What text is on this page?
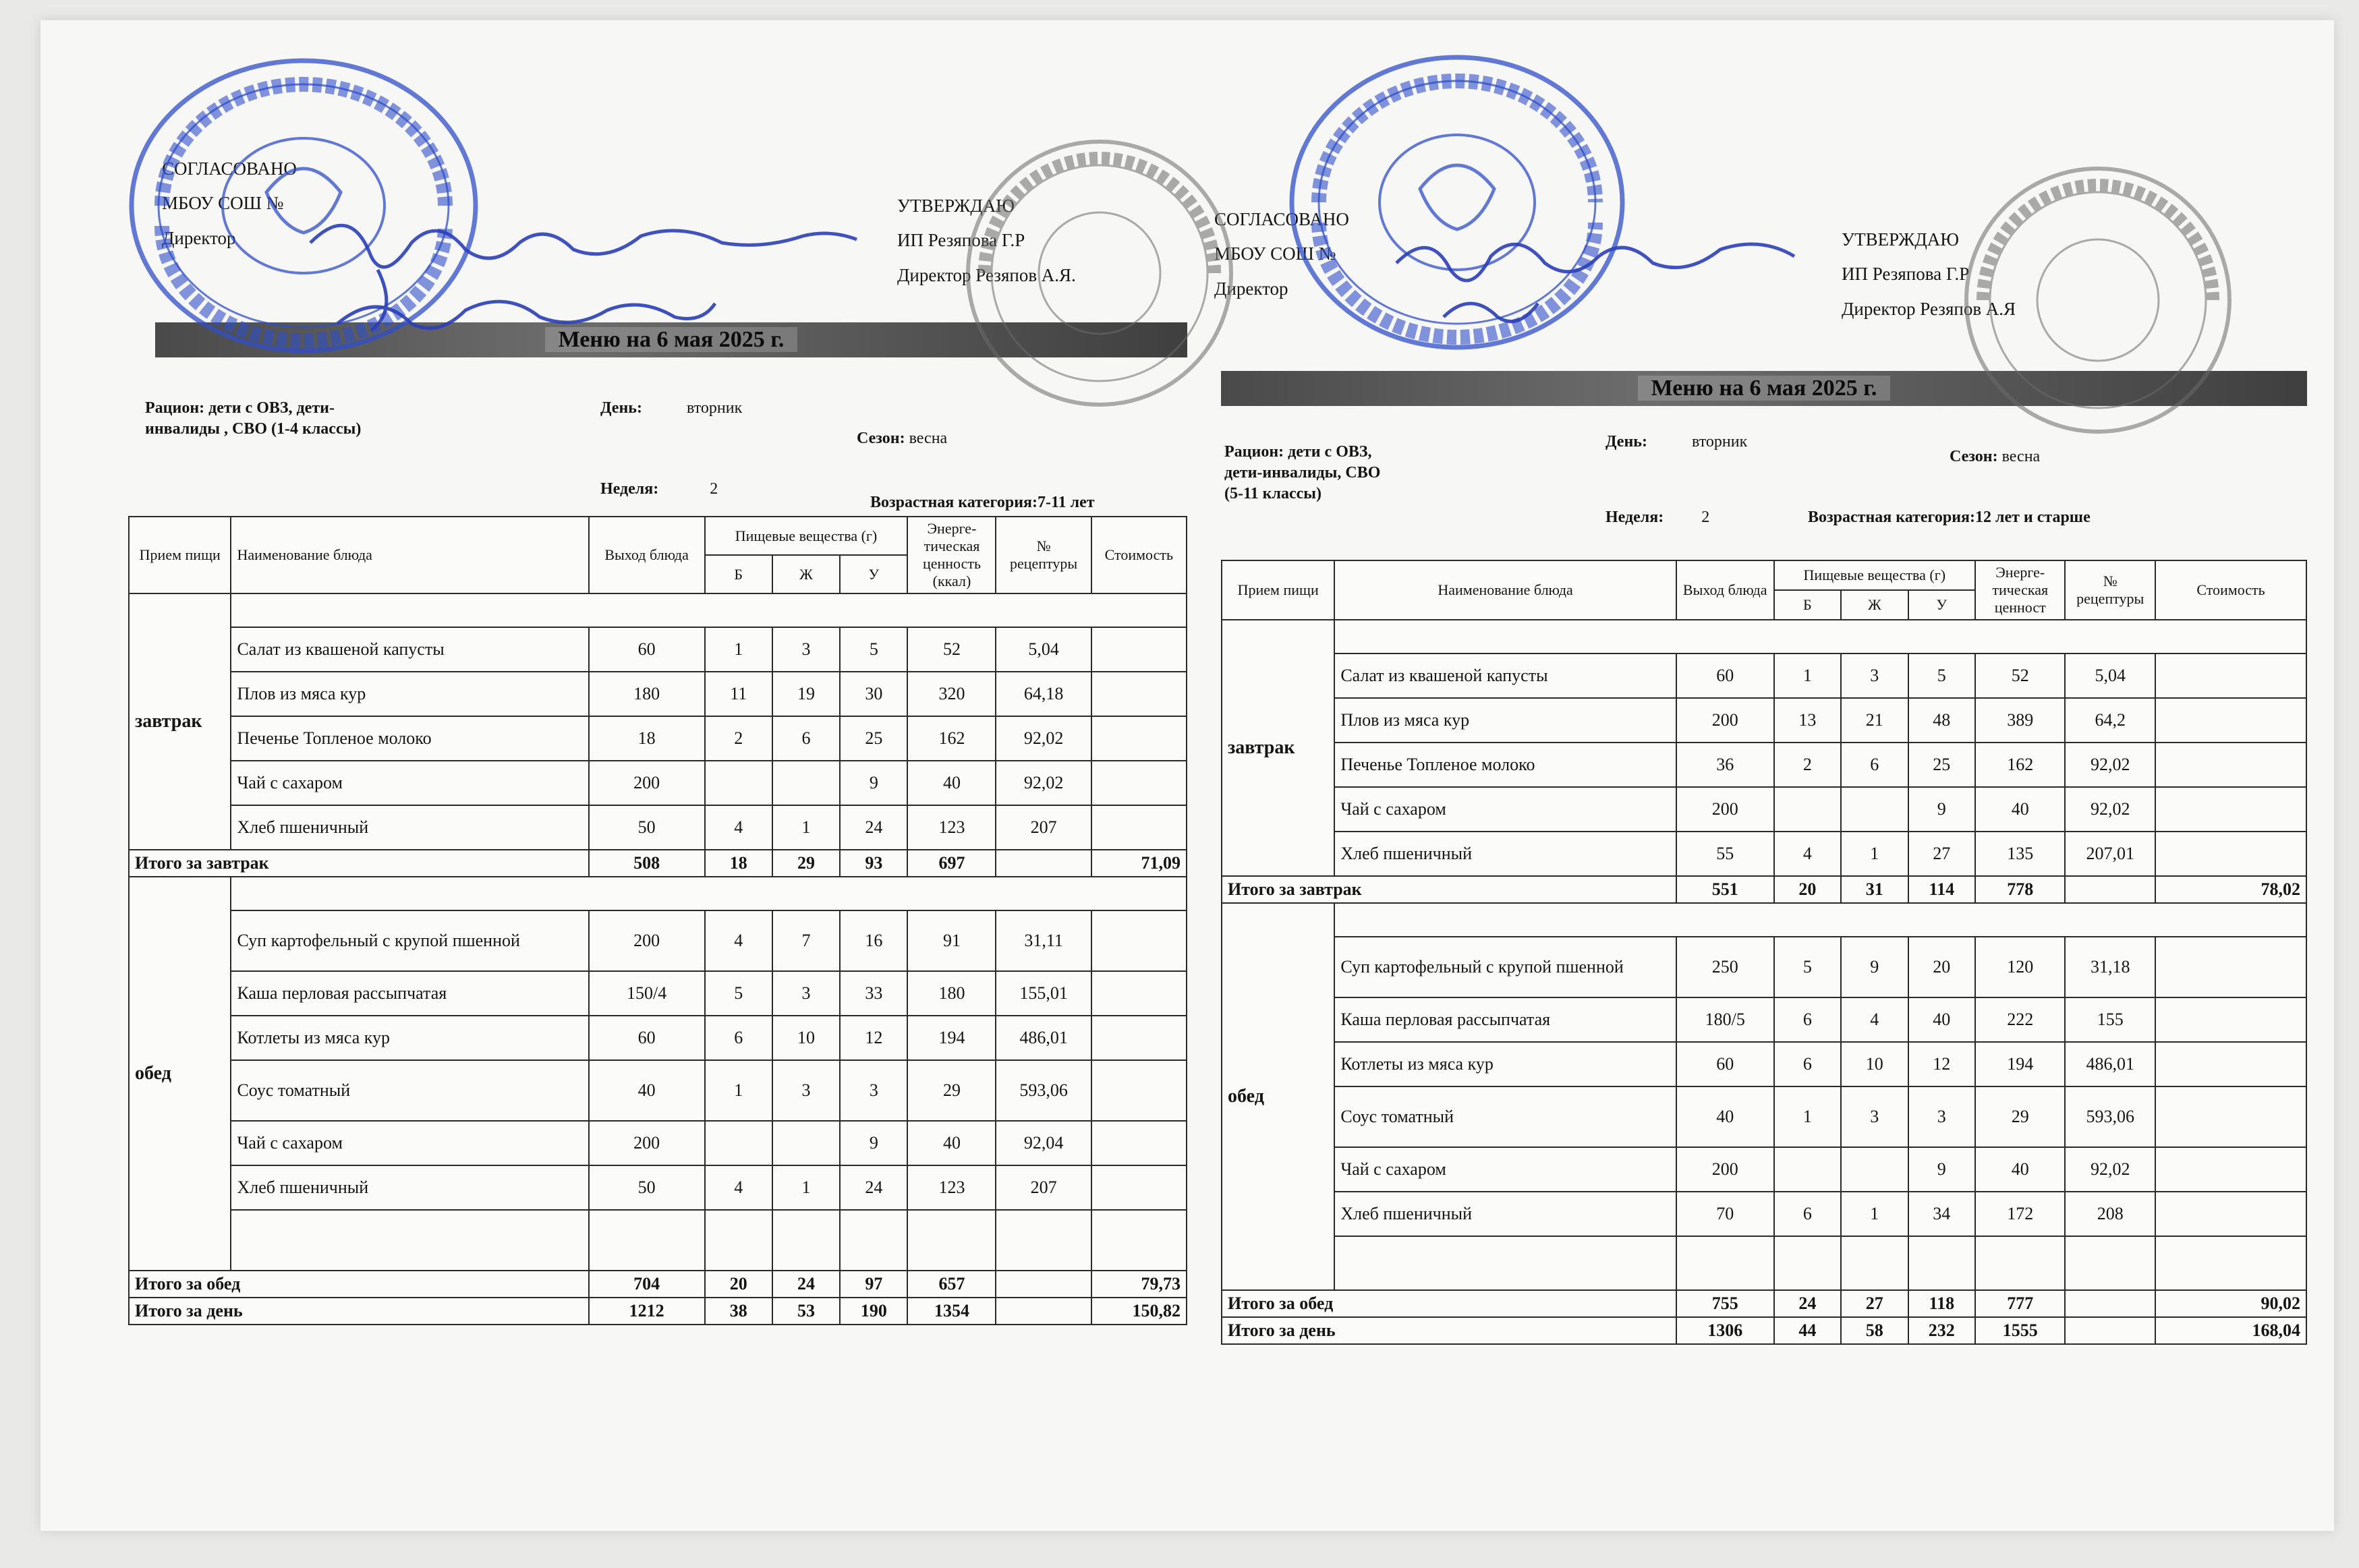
СОГЛАСОВАНО
МБОУ СОШ №
Директор
УТВЕРЖДАЮ
ИП Резяпова Г.Р
Директор Резяпов А.Я.
Меню на 6 мая 2025 г.
Рацион: дети с ОВЗ, дети-инвалиды , СВО (1-4 классы)
День:	вторник
Сезон: весна
Неделя:	2
Возрастная категория:7-11 лет
Прием пищи	Наименование блюда	Выход блюда	Пищевые вещества (г)			Энерге-тическая ценность (ккал)	№ рецептуры	Стоимость
			Б	Ж	У			
завтрак								
	Салат из квашеной капусты	60	1	3	5	52	5,04	
	Плов из мяса кур	180	11	19	30	320	64,18	
	Печенье Топленое молоко	18	2	6	25	162	92,02	
	Чай с сахаром	200			9	40	92,02	
	Хлеб пшеничный	50	4	1	24	123	207	
Итого за завтрак		508	18	29	93	697		71,09
обед								
	Суп картофельный с крупой пшенной	200	4	7	16	91	31,11	
	Каша перловая рассыпчатая	150/4	5	3	33	180	155,01	
	Котлеты из мяса кур	60	6	10	12	194	486,01	
	Соус томатный	40	1	3	3	29	593,06	
	Чай с сахаром	200			9	40	92,04	
	Хлеб пшеничный	50	4	1	24	123	207	

Итого за обед		704	20	24	97	657		79,73
Итого за день		1212	38	53	190	1354		150,82
СОГЛАСОВАНО
МБОУ СОШ №
Директор
УТВЕРЖДАЮ
ИП Резяпова Г.Р
Директор Резяпов А.Я
Меню на 6 мая 2025 г.
Рацион: дети с ОВЗ, дети-инвалиды, СВО (5-11 классы)
День:	вторник
Сезон: весна
Неделя: 2	Возрастная категория:12 лет и старше
Прием пищи	Наименование блюда	Выход блюда	Пищевые вещества (г)			Энерге-тическая ценност	№ рецептуры	Стоимость
			Б	Ж	У			
завтрак								
	Салат из квашеной капусты	60	1	3	5	52	5,04	
	Плов из мяса кур	200	13	21	48	389	64,2	
	Печенье Топленое молоко	36	2	6	25	162	92,02	
	Чай с сахаром	200			9	40	92,02	
	Хлеб пшеничный	55	4	1	27	135	207,01	
Итого за завтрак		551	20	31	114	778		78,02
обед								
	Суп картофельный с крупой пшенной	250	5	9	20	120	31,18	
	Каша перловая рассыпчатая	180/5	6	4	40	222	155	
	Котлеты из мяса кур	60	6	10	12	194	486,01	
	Соус томатный	40	1	3	3	29	593,06	
	Чай с сахаром	200			9	40	92,02	
	Хлеб пшеничный	70	6	1	34	172	208	

Итого за обед		755	24	27	118	777		90,02
Итого за день		1306	44	58	232	1555		168,04
